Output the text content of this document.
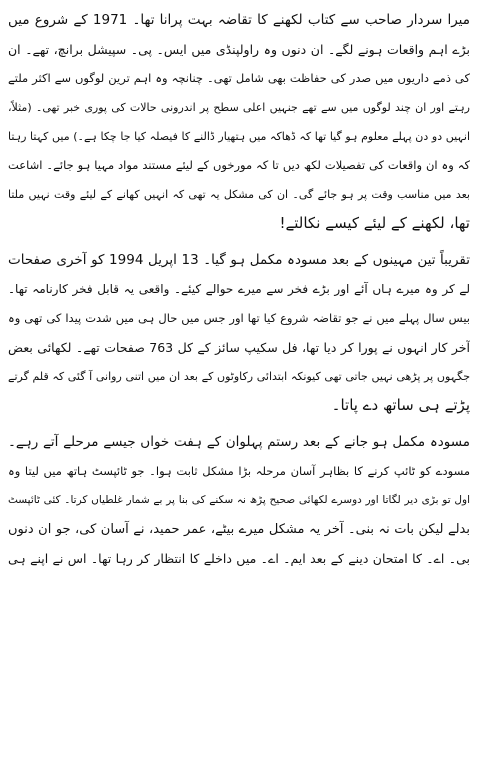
میرا سردار صاحب سے کتاب لکھنے کا تقاضہ بہت پرانا تھا۔ 1971 کے شروع میں
بڑے اہم واقعات ہونے لگے۔ ان دنوں وہ راولپنڈی میں ایس۔ پی۔ سپیشل برانچ، تھے۔ ان
کی ذمے داریوں میں صدر کی حفاظت بھی شامل تھی۔ چنانچہ وہ اہم ترین لوگوں سے اکثر ملتے
رہتے اور ان چند لوگوں میں سے تھے جنہیں اعلی سطح پر اندرونی حالات کی پوری خبر تھی۔ (مثلاً،
انہیں دو دن پہلے معلوم ہو گیا تھا کہ ڈھاکہ میں ہتھیار ڈالنے کا فیصلہ کیا جا چکا ہے۔) میں کہتا رہتا
کہ وہ ان واقعات کی تفصیلات لکھ دیں تا کہ مورخوں کے لیئے مستند مواد مہیا ہو جائے۔ اشاعت
بعد میں مناسب وقت پر ہو جائے گی۔ ان کی مشکل یہ تھی کہ انہیں کھانے کے لیئے وقت نہیں ملتا
تھا، لکھنے کے لیئے کیسے نکالتے!
تقریباً تین مہینوں کے بعد مسودہ مکمل ہو گیا۔ 13 اپریل 1994 کو آخری صفحات
لے کر وہ میرے ہاں آئے اور بڑے فخر سے میرے حوالے کیئے۔ واقعی یہ قابل فخر کارنامہ تھا۔
بیس سال پہلے میں نے جو تقاضہ شروع کیا تھا اور جس میں حال ہی میں شدت پیدا کی تھی وہ
آخر کار انہوں نے پورا کر دیا تھا، فل سکیپ سائز کے کل 763 صفحات تھے۔ لکھائی بعض
جگہوں پر پڑھی نہیں جاتی تھی کیونکہ ابتدائی رکاوٹوں کے بعد ان میں اتنی روانی آ گئی کہ قلم گرتے
پڑتے ہی ساتھ دے پاتا۔
مسودہ مکمل ہو جانے کے بعد رستم پہلوان کے ہفت خواں جیسے مرحلے آتے رہے۔
مسودے کو ٹائپ کرنے کا بظاہر آسان مرحلہ بڑا مشکل ثابت ہوا۔ جو ٹائپسٹ ہاتھ میں لیتا وہ
اول تو بڑی دیر لگاتا اور دوسرے لکھائی صحیح پڑھ نہ سکنے کی بنا پر بے شمار غلطیاں کرتا۔ کئی ٹائپسٹ
بدلے لیکن بات نہ بنی۔ آخر یہ مشکل میرے بیٹے، عمر حمید، نے آسان کی، جو ان دنوں
بی۔ اے۔ کا امتحان دینے کے بعد ایم۔ اے۔ میں داخلے کا انتظار کر رہا تھا۔ اس نے اپنے ہی
